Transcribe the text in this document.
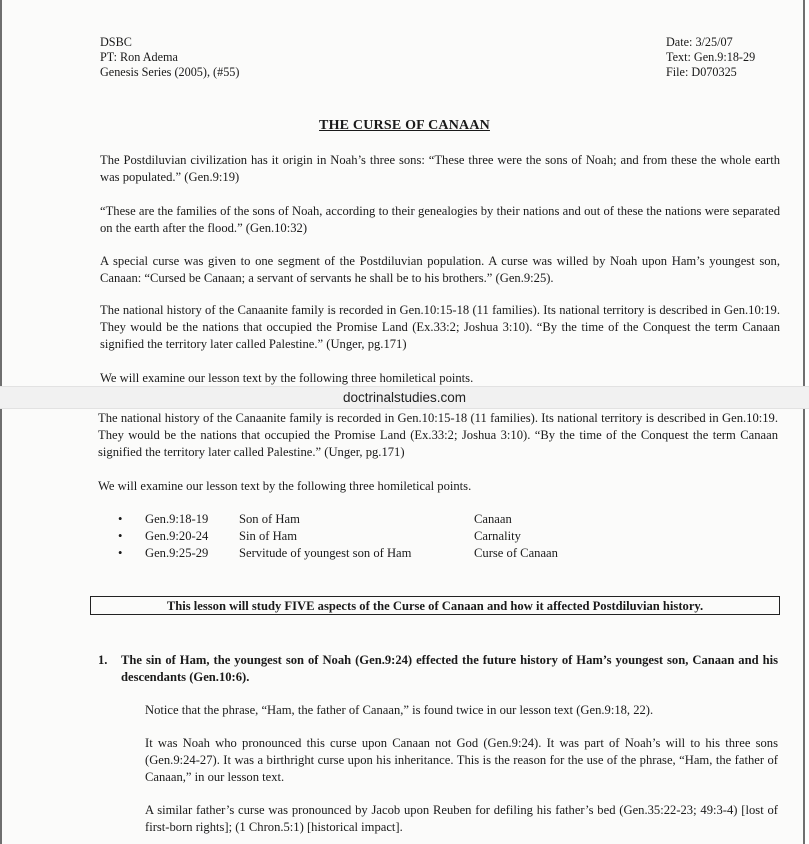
DSBC
PT: Ron Adema
Genesis Series (2005), (#55)
Date: 3/25/07
Text: Gen.9:18-29
File: D070325
THE CURSE OF CANAAN
The Postdiluvian civilization has it origin in Noah’s three sons: “These three were the sons of Noah; and from these the whole earth was populated.” (Gen.9:19)
“These are the families of the sons of Noah, according to their genealogies by their nations and out of these the nations were separated on the earth after the flood.” (Gen.10:32)
A special curse was given to one segment of the Postdiluvian population. A curse was willed by Noah upon Ham’s youngest son, Canaan: “Cursed be Canaan; a servant of servants he shall be to his brothers.” (Gen.9:25).
The national history of the Canaanite family is recorded in Gen.10:15-18 (11 families). Its national territory is described in Gen.10:19. They would be the nations that occupied the Promise Land (Ex.33:2; Joshua 3:10). “By the time of the Conquest the term Canaan signified the territory later called Palestine.” (Unger, pg.171)
We will examine our lesson text by the following three homiletical points.
doctrinalstudies.com
The national history of the Canaanite family is recorded in Gen.10:15-18 (11 families). Its national territory is described in Gen.10:19. They would be the nations that occupied the Promise Land (Ex.33:2; Joshua 3:10). “By the time of the Conquest the term Canaan signified the territory later called Palestine.” (Unger, pg.171)
We will examine our lesson text by the following three homiletical points.
• Gen.9:18-19 Son of Ham	Canaan
• Gen.9:20-24 Sin of Ham	Carnality
• Gen.9:25-29 Servitude of youngest son of Ham	Curse of Canaan
This lesson will study FIVE aspects of the Curse of Canaan and how it affected Postdiluvian history.
1. The sin of Ham, the youngest son of Noah (Gen.9:24) effected the future history of Ham’s youngest son, Canaan and his descendants (Gen.10:6).
Notice that the phrase, “Ham, the father of Canaan,” is found twice in our lesson text (Gen.9:18, 22).
It was Noah who pronounced this curse upon Canaan not God (Gen.9:24). It was part of Noah’s will to his three sons (Gen.9:24-27). It was a birthright curse upon his inheritance. This is the reason for the use of the phrase, “Ham, the father of Canaan,” in our lesson text.
A similar father’s curse was pronounced by Jacob upon Reuben for defiling his father’s bed (Gen.35:22-23; 49:3-4) [lost of first-born rights]; (1 Chron.5:1) [historical impact].
